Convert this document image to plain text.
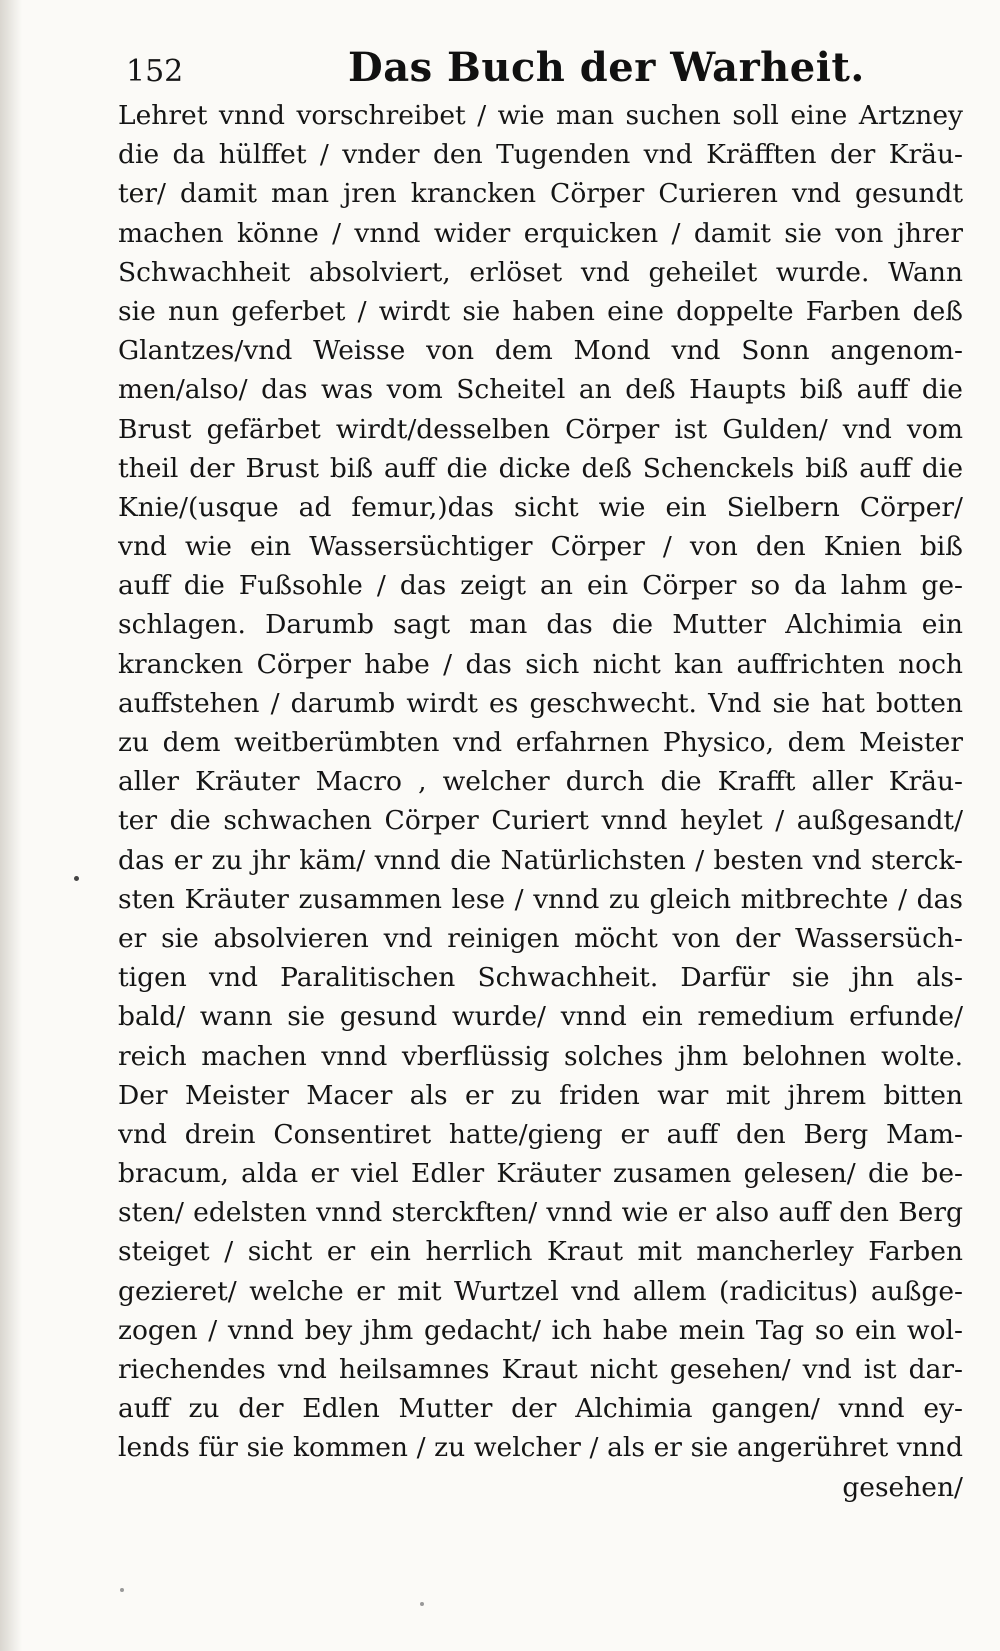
152	Das Buch der Warheit.

Lehret vnnd vorschreibet / wie man suchen soll eine Artzney
die da hülffet / vnder den Tugenden vnd Kräfften der Kräu-
ter/ damit man jren krancken Cörper Curieren vnd gesundt
machen könne / vnnd wider erquicken / damit sie von jhrer
Schwachheit absolviert, erlöset vnd geheilet wurde. Wann
sie nun geferbet / wirdt sie haben eine doppelte Farben deß
Glantzes/vnd Weisse von dem Mond vnd Sonn angenom-
men/also/ das was vom Scheitel an deß Haupts biß auff die
Brust gefärbet wirdt/desselben Cörper ist Gulden/ vnd vom
theil der Brust biß auff die dicke deß Schenckels biß auff die
Knie/(usque ad femur,)das sicht wie ein Sielbern Cörper/
vnd wie ein Wassersüchtiger Cörper / von den Knien biß
auff die Fußsohle / das zeigt an ein Cörper so da lahm ge-
schlagen. Darumb sagt man das die Mutter Alchimia ein
krancken Cörper habe / das sich nicht kan auffrichten noch
auffstehen / darumb wirdt es geschwecht. Vnd sie hat botten
zu dem weitberümbten vnd erfahrnen Physico, dem Meister
aller Kräuter Macro , welcher durch die Krafft aller Kräu-
ter die schwachen Cörper Curiert vnnd heylet / außgesandt/
das er zu jhr käm/ vnnd die Natürlichsten / besten vnd sterck-
sten Kräuter zusammen lese / vnnd zu gleich mitbrechte / das
er sie absolvieren vnd reinigen möcht von der Wassersüch-
tigen vnd Paralitischen Schwachheit. Darfür sie jhn als-
bald/ wann sie gesund wurde/ vnnd ein remedium erfunde/
reich machen vnnd vberflüssig solches jhm belohnen wolte.
Der Meister Macer als er zu friden war mit jhrem bitten
vnd drein Consentiret hatte/gieng er auff den Berg Mam-
bracum, alda er viel Edler Kräuter zusamen gelesen/ die be-
sten/ edelsten vnnd sterckften/ vnnd wie er also auff den Berg
steiget / sicht er ein herrlich Kraut mit mancherley Farben
gezieret/ welche er mit Wurtzel vnd allem (radicitus) außge-
zogen / vnnd bey jhm gedacht/ ich habe mein Tag so ein wol-
riechendes vnd heilsamnes Kraut nicht gesehen/ vnd ist dar-
auff zu der Edlen Mutter der Alchimia gangen/ vnnd ey-
lends für sie kommen / zu welcher / als er sie angerühret vnnd
gesehen/
